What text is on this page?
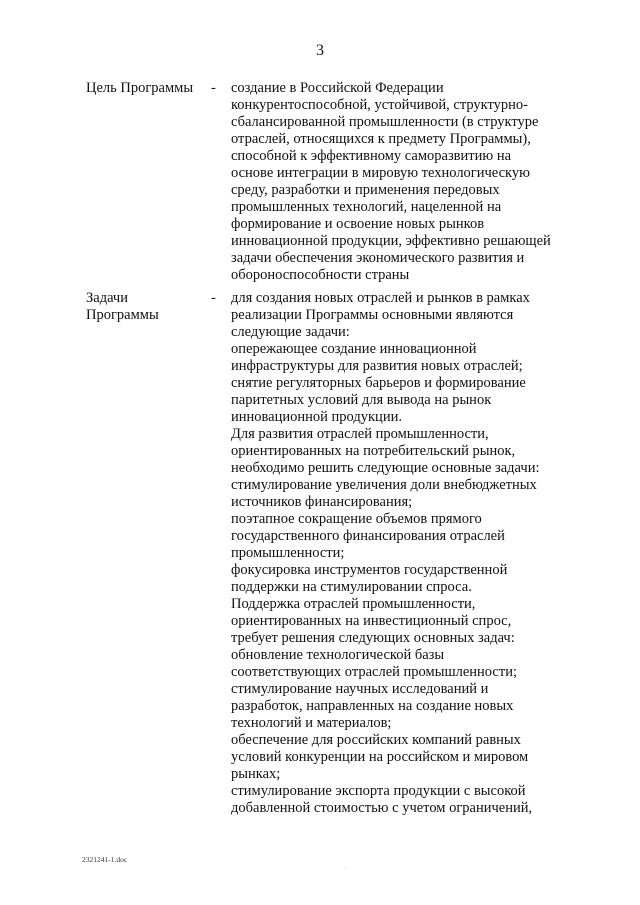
3
Цель Программы - создание в Российской Федерации
конкурентоспособной, устойчивой, структурно-
сбалансированной промышленности (в структуре
отраслей, относящихся к предмету Программы),
способной к эффективному саморазвитию на
основе интеграции в мировую технологическую
среду, разработки и применения передовых
промышленных технологий, нацеленной на
формирование и освоение новых рынков
инновационной продукции, эффективно решающей
задачи обеспечения экономического развития и
обороноспособности страны
Задачи
Программы
- для создания новых отраслей и рынков в рамках
реализации Программы основными являются
следующие задачи:
опережающее создание инновационной
инфраструктуры для развития новых отраслей;
снятие регуляторных барьеров и формирование
паритетных условий для вывода на рынок
инновационной продукции.
Для развития отраслей промышленности,
ориентированных на потребительский рынок,
необходимо решить следующие основные задачи:
стимулирование увеличения доли внебюджетных
источников финансирования;
поэтапное сокращение объемов прямого
государственного финансирования отраслей
промышленности;
фокусировка инструментов государственной
поддержки на стимулировании спроса.
Поддержка отраслей промышленности,
ориентированных на инвестиционный спрос,
требует решения следующих основных задач:
обновление технологической базы
соответствующих отраслей промышленности;
стимулирование научных исследований и
разработок, направленных на создание новых
технологий и материалов;
обеспечение для российских компаний равных
условий конкуренции на российском и мировом
рынках;
стимулирование экспорта продукции с высокой
добавленной стоимостью с учетом ограничений,
2321241-1.doc
·
